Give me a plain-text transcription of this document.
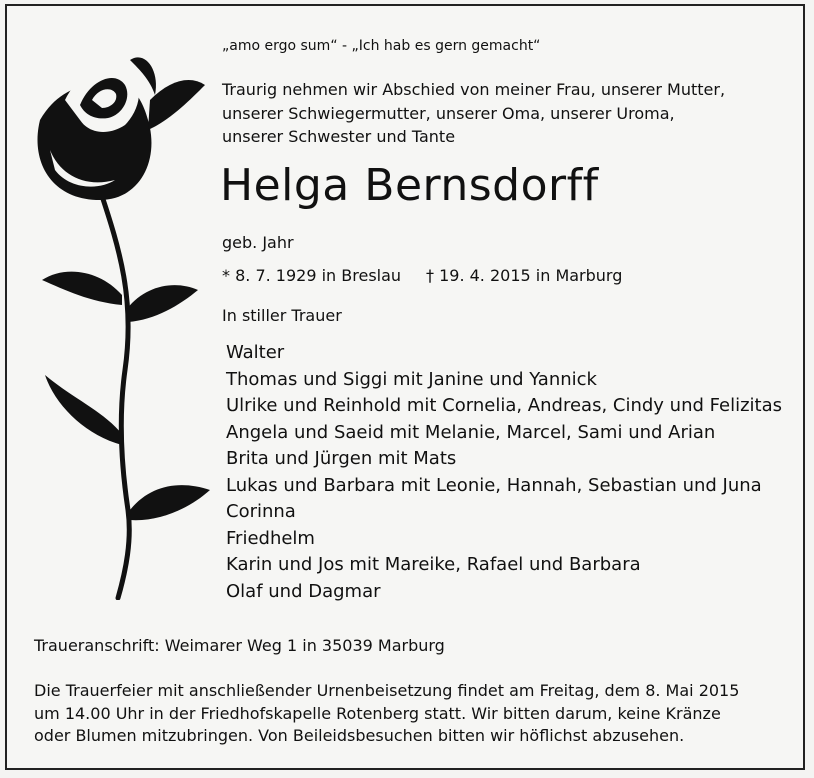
„amo ergo sum“ - „Ich hab es gern gemacht“
Traurig nehmen wir Abschied von meiner Frau, unserer Mutter,
unserer Schwiegermutter, unserer Oma, unserer Uroma,
unserer Schwester und Tante
Helga Bernsdorff
geb. Jahr
* 8. 7. 1929 in Breslau † 19. 4. 2015 in Marburg
In stiller Trauer
Walter
Thomas und Siggi mit Janine und Yannick
Ulrike und Reinhold mit Cornelia, Andreas, Cindy und Felizitas
Angela und Saeid mit Melanie, Marcel, Sami und Arian
Brita und Jürgen mit Mats
Lukas und Barbara mit Leonie, Hannah, Sebastian und Juna
Corinna
Friedhelm
Karin und Jos mit Mareike, Rafael und Barbara
Olaf und Dagmar
Traueranschrift: Weimarer Weg 1 in 35039 Marburg
Die Trauerfeier mit anschließender Urnenbeisetzung findet am Freitag, dem 8. Mai 2015
um 14.00 Uhr in der Friedhofskapelle Rotenberg statt. Wir bitten darum, keine Kränze
oder Blumen mitzubringen. Von Beileidsbesuchen bitten wir höflichst abzusehen.
